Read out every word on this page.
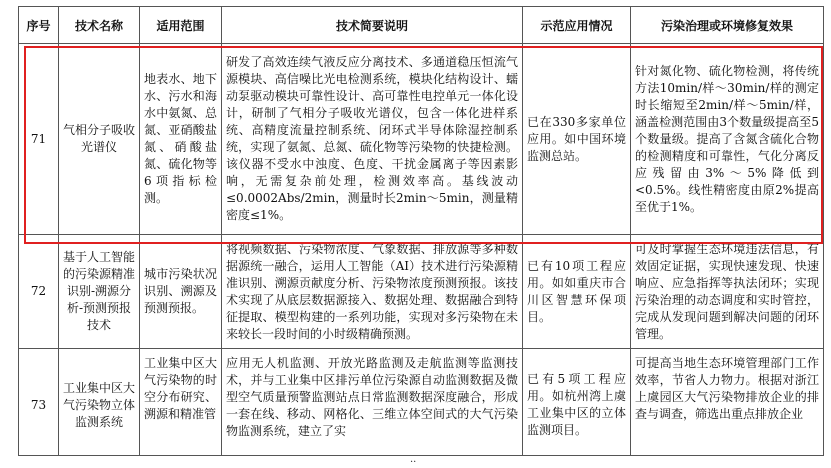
序号	技术名称	适用范围	技术简要说明	示范应用情况	污染治理或环境修复效果
71	气相分子吸收光谱仪	地表水、地下水、污水和海水中氨氮、总氮、亚硝酸盐氮、硝酸盐氮、硫化物等6项指标检测。	研发了高效连续气液反应分离技术、多通道稳压恒流气源模块、高信噪比光电检测系统，模块化结构设计、蠕动泵驱动模块可靠性设计、高可靠性电控单元一体化设计，研制了气相分子吸收光谱仪，包含一体化进样系统、高精度流量控制系统、闭环式半导体除湿控制系统，实现了氨氮、总氮、硫化物等污染物的快捷检测。该仪器不受水中浊度、色度、干扰金属离子等因素影响，无需复杂前处理，检测效率高。基线波动≤0.0002Abs/2min，测量时长2min～5min，测量精密度≤1%。	已在330多家单位应用。如中国环境监测总站。	针对氮化物、硫化物检测，将传统方法10min/样～30min/样的测定时长缩短至2min/样～5min/样，涵盖检测范围由3个数量级提高至5个数量级。提高了含氮含硫化合物的检测精度和可靠性，气化分离反应残留由3%～5%降低到<0.5%。线性精密度由原2%提高至优于1%。
72	基于人工智能的污染源精准识别-溯源分析-预测预报技术	城市污染状况识别、溯源及预测预报。	将视频数据、污染物浓度、气象数据、排放源等多种数据源统一融合，运用人工智能（AI）技术进行污染源精准识别、溯源贡献度分析、污染物浓度预测预报。该技术实现了从底层数据源接入、数据处理、数据融合到特征提取、模型构建的一系列功能，实现对多污染物在未来较长一段时间的小时级精确预测。	已有10项工程应用。如如重庆市合川区智慧环保项目。	可及时掌握生态环境违法信息，有效固定证据，实现快速发现、快速响应、应急指挥等执法闭环；实现污染治理的动态调度和实时管控，完成从发现问题到解决问题的闭环管理。
73	工业集中区大气污染物立体监测系统	工业集中区大气污染物的时空分布研究、溯源和精准管	应用无人机监测、开放光路监测及走航监测等监测技术，并与工业集中区排污单位污染源自动监测数据及微型空气质量预警监测站点日常监测数据深度融合，形成一套在线、移动、网格化、三维立体空间式的大气污染物监测系统，建立了实	已有5项工程应用。如杭州湾上虞工业集中区的立体监测项目。	可提高当地生态环境管理部门工作效率，节省人力物力。根据对浙江上虞园区大气污染物排放企业的排查与调查，筛选出重点排放企业
··
